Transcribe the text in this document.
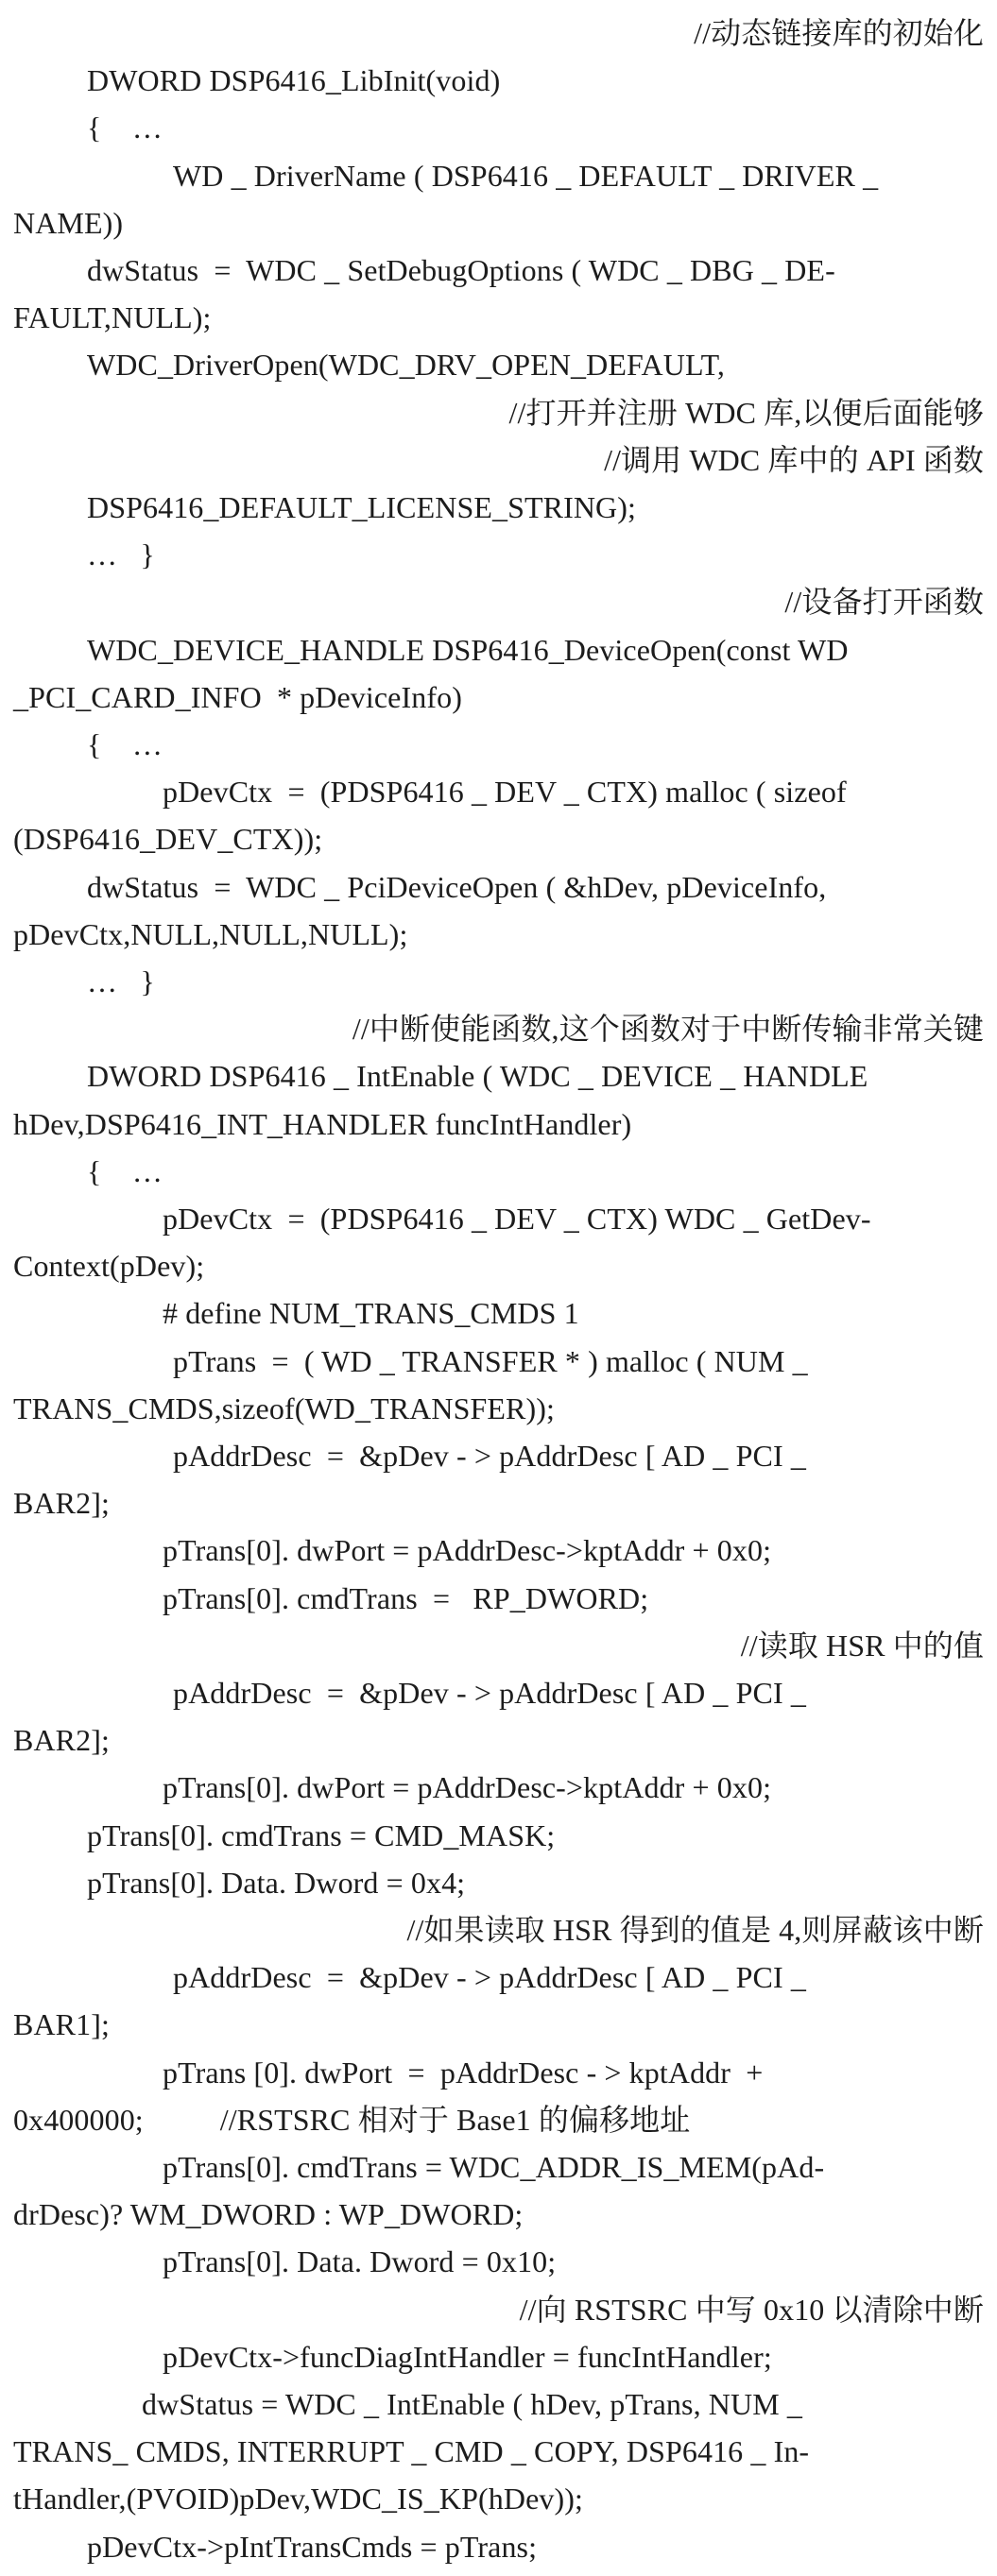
//动态链接库的初始化
DWORD DSP6416_LibInit(void)
{    …
WD _ DriverName ( DSP6416 _ DEFAULT _ DRIVER _
NAME))
dwStatus  =  WDC _ SetDebugOptions ( WDC _ DBG _ DE-
FAULT,NULL);
WDC_DriverOpen(WDC_DRV_OPEN_DEFAULT,
//打开并注册 WDC 库,以便后面能够
//调用 WDC 库中的 API 函数
DSP6416_DEFAULT_LICENSE_STRING);
…   }
//设备打开函数
WDC_DEVICE_HANDLE DSP6416_DeviceOpen(const WD
_PCI_CARD_INFO  * pDeviceInfo)
{    …
pDevCtx  =  (PDSP6416 _ DEV _ CTX) malloc ( sizeof
(DSP6416_DEV_CTX));
dwStatus  =  WDC _ PciDeviceOpen ( &hDev, pDeviceInfo,
pDevCtx,NULL,NULL,NULL);
…   }
//中断使能函数,这个函数对于中断传输非常关键
DWORD DSP6416 _ IntEnable ( WDC _ DEVICE _ HANDLE
hDev,DSP6416_INT_HANDLER funcIntHandler)
{    …
pDevCtx  =  (PDSP6416 _ DEV _ CTX) WDC _ GetDev-
Context(pDev);
# define NUM_TRANS_CMDS 1
pTrans  =  ( WD _ TRANSFER * ) malloc ( NUM _
TRANS_CMDS,sizeof(WD_TRANSFER));
pAddrDesc  =  &pDev - > pAddrDesc [ AD _ PCI _
BAR2];
pTrans[0]. dwPort = pAddrDesc->kptAddr + 0x0;
pTrans[0]. cmdTrans  =   RP_DWORD;
//读取 HSR 中的值
pAddrDesc  =  &pDev - > pAddrDesc [ AD _ PCI _
BAR2];
pTrans[0]. dwPort = pAddrDesc->kptAddr + 0x0;
pTrans[0]. cmdTrans = CMD_MASK;
pTrans[0]. Data. Dword = 0x4;
//如果读取 HSR 得到的值是 4,则屏蔽该中断
pAddrDesc  =  &pDev - > pAddrDesc [ AD _ PCI _
BAR1];
pTrans [0]. dwPort  =  pAddrDesc - > kptAddr  +
0x400000;          //RSTSRC 相对于 Base1 的偏移地址
pTrans[0]. cmdTrans = WDC_ADDR_IS_MEM(pAd-
drDesc)? WM_DWORD : WP_DWORD;
pTrans[0]. Data. Dword = 0x10;
//向 RSTSRC 中写 0x10 以清除中断
pDevCtx->funcDiagIntHandler = funcIntHandler;
dwStatus = WDC _ IntEnable ( hDev, pTrans, NUM _
TRANS_ CMDS, INTERRUPT _ CMD _ COPY, DSP6416 _ In-
tHandler,(PVOID)pDev,WDC_IS_KP(hDev));
pDevCtx->pIntTransCmds = pTrans;
